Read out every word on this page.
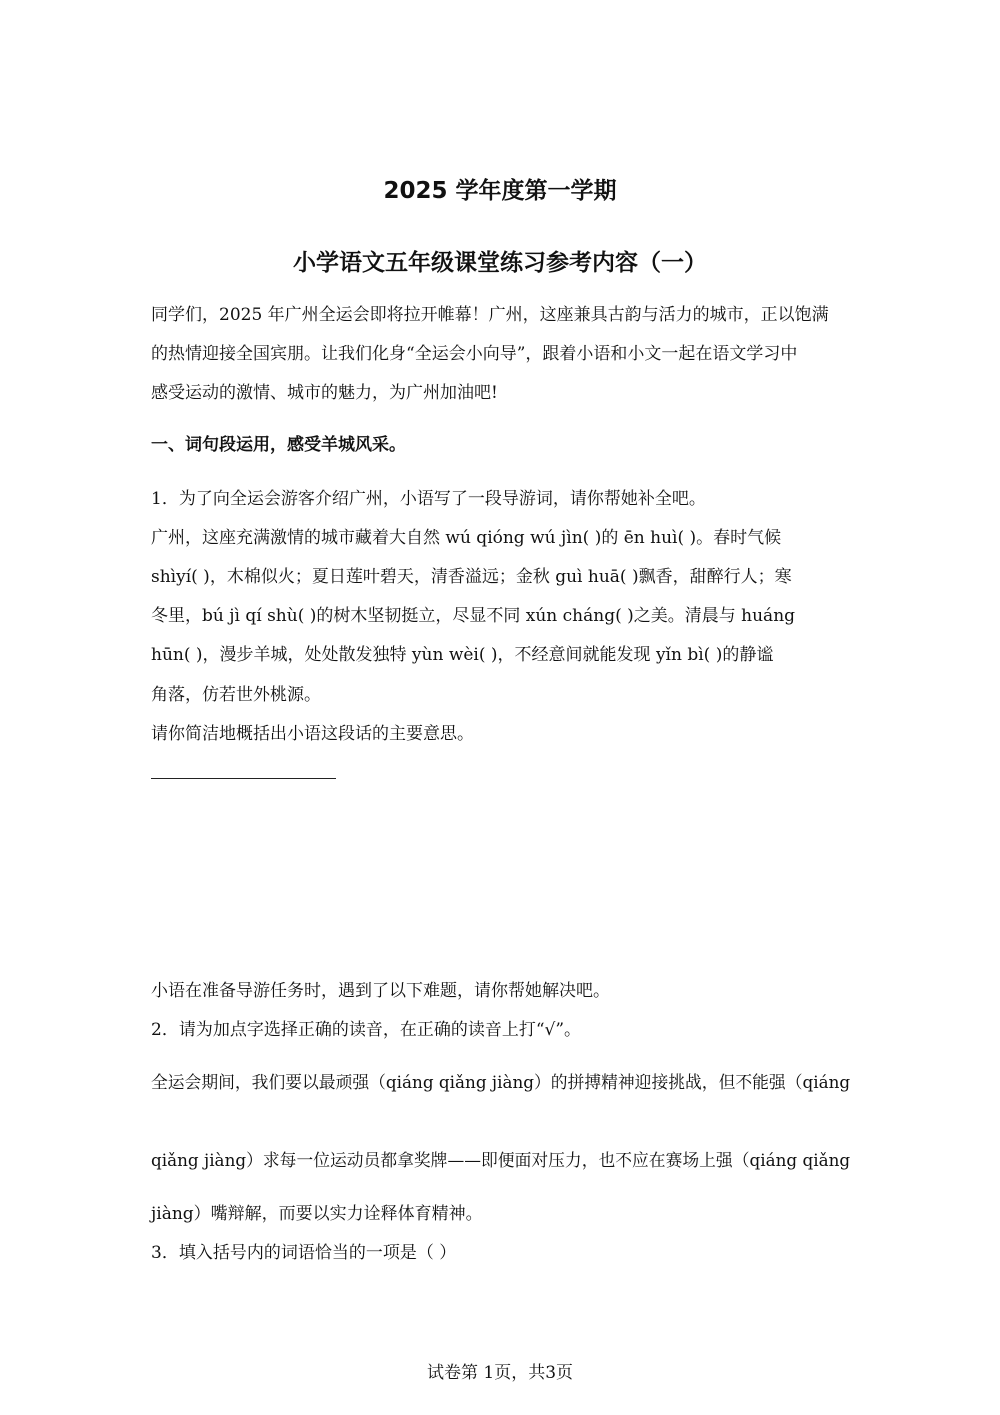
2025 学年度第一学期
小学语文五年级课堂练习参考内容（一）
同学们，2025 年广州全运会即将拉开帷幕！广州，这座兼具古韵与活力的城市，正以饱满
的热情迎接全国宾朋。让我们化身“全运会小向导”，跟着小语和小文一起在语文学习中
感受运动的激情、城市的魅力，为广州加油吧!
一、词句段运用，感受羊城风采。
1．为了向全运会游客介绍广州，小语写了一段导游词，请你帮她补全吧。
广州，这座充满激情的城市藏着大自然 wú qióng wú jìn( )的 ēn huì( )。春时气候
shìyí( )，木棉似火；夏日莲叶碧天，清香溢远；金秋 guì huā( )飘香，甜醉行人；寒
冬里，bú jì qí shù( )的树木坚韧挺立，尽显不同 xún cháng( )之美。清晨与 huáng
hūn( )，漫步羊城，处处散发独特 yùn wèi( )，不经意间就能发现 yǐn bì( )的静谧
角落，仿若世外桃源。
请你简洁地概括出小语这段话的主要意思。
小语在准备导游任务时，遇到了以下难题，请你帮她解决吧。
2．请为加点字选择正确的读音，在正确的读音上打“√”。
全运会期间，我们要以最顽强（qiáng qiǎng jiàng）的拼搏精神迎接挑战，但不能强（qiáng
qiǎng jiàng）求每一位运动员都拿奖牌——即便面对压力，也不应在赛场上强（qiáng qiǎng
jiàng）嘴辩解，而要以实力诠释体育精神。
3．填入括号内的词语恰当的一项是（ ）
试卷第 1页，共3页
